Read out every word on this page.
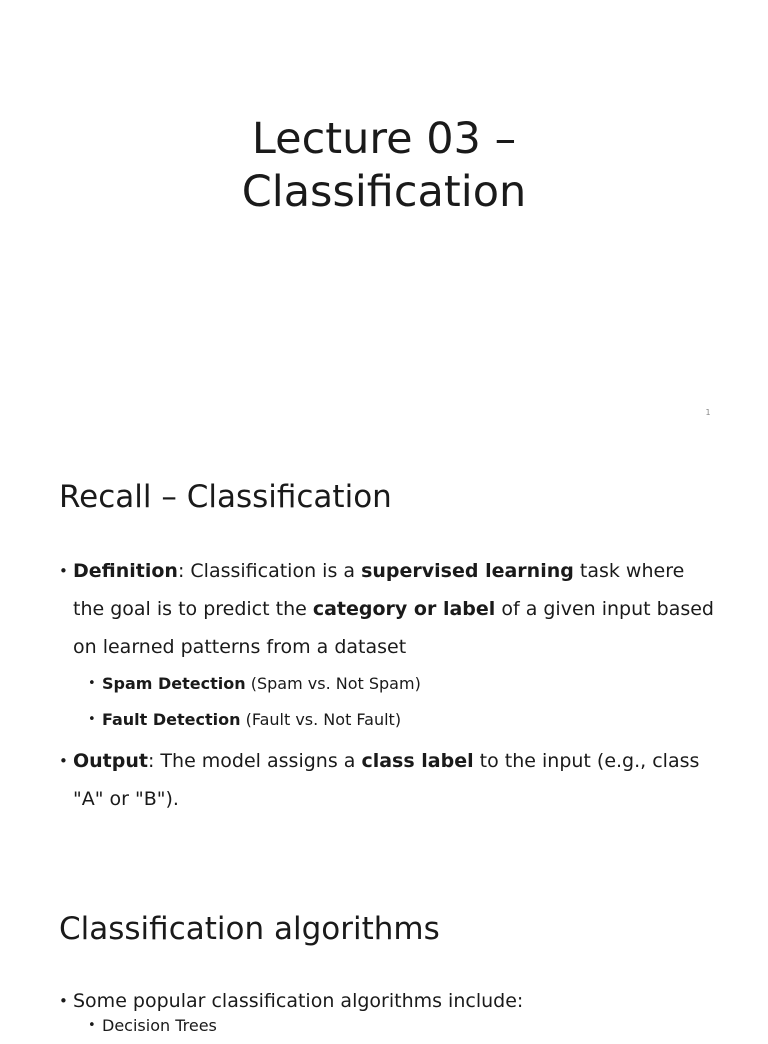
Lecture 03 –
Classification
1
Recall – Classification
• Definition: Classification is a supervised learning task where the goal is to predict the category or label of a given input based on learned patterns from a dataset
• Spam Detection (Spam vs. Not Spam)
• Fault Detection (Fault vs. Not Fault)
• Output: The model assigns a class label to the input (e.g., class "A" or "B").
Classification algorithms
• Some popular classification algorithms include:
• Decision Trees
